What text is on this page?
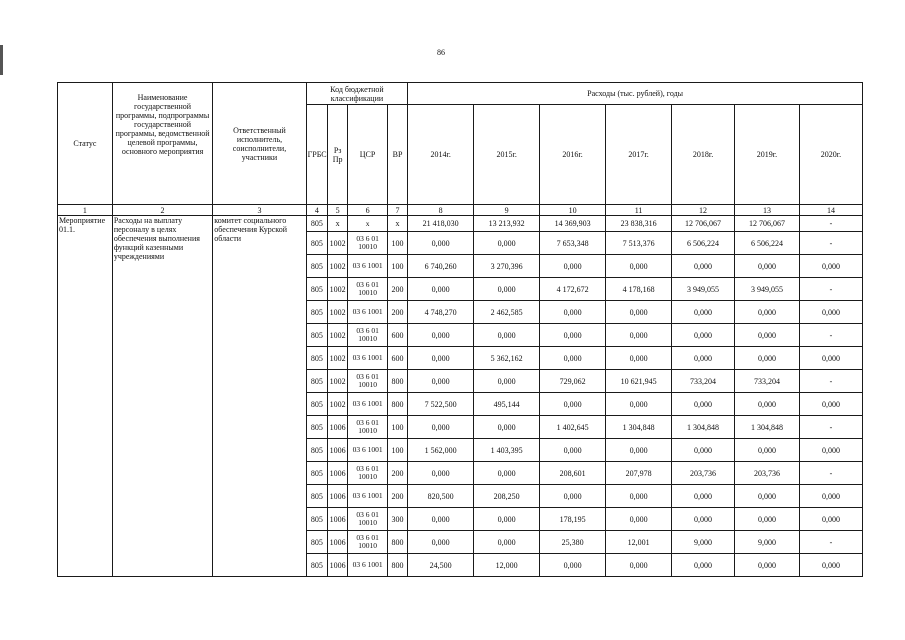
86
Статус	Наименование государственной программы, подпрограммы государственной программы, ведомственной целевой программы, основного мероприятия	Ответственный исполнитель, соисполнители, участники	Код бюджетной классификации				Расходы (тыс. рублей), годы						
			ГРБС	Рз Пр	ЦСР	ВР	2014г.	2015г.	2016г.	2017г.	2018г.	2019г.	2020г.
1	2	3	4	5	6	7	8	9	10	11	12	13	14
Мероприятие 01.1.	Расходы на выплату персоналу в целях обеспечения выполнения функций казенными учреждениями	комитет социального обеспечения Курской области	805	х	х	х	21 418,030	13 213,932	14 369,903	23 838,316	12 706,067	12 706,067	-
			805	1002	03 6 01 10010	100	0,000	0,000	7 653,348	7 513,376	6 506,224	6 506,224	-
			805	1002	03 6 1001	100	6 740,260	3 270,396	0,000	0,000	0,000	0,000	0,000
			805	1002	03 6 01 10010	200	0,000	0,000	4 172,672	4 178,168	3 949,055	3 949,055	-
			805	1002	03 6 1001	200	4 748,270	2 462,585	0,000	0,000	0,000	0,000	0,000
			805	1002	03 6 01 10010	600	0,000	0,000	0,000	0,000	0,000	0,000	-
			805	1002	03 6 1001	600	0,000	5 362,162	0,000	0,000	0,000	0,000	0,000
			805	1002	03 6 01 10010	800	0,000	0,000	729,062	10 621,945	733,204	733,204	-
			805	1002	03 6 1001	800	7 522,500	495,144	0,000	0,000	0,000	0,000	0,000
			805	1006	03 6 01 10010	100	0,000	0,000	1 402,645	1 304,848	1 304,848	1 304,848	-
			805	1006	03 6 1001	100	1 562,000	1 403,395	0,000	0,000	0,000	0,000	0,000
			805	1006	03 6 01 10010	200	0,000	0,000	208,601	207,978	203,736	203,736	-
			805	1006	03 6 1001	200	820,500	208,250	0,000	0,000	0,000	0,000	0,000
			805	1006	03 6 01 10010	300	0,000	0,000	178,195	0,000	0,000	0,000	0,000
			805	1006	03 6 01 10010	800	0,000	0,000	25,380	12,001	9,000	9,000	-
			805	1006	03 6 1001	800	24,500	12,000	0,000	0,000	0,000	0,000	0,000
